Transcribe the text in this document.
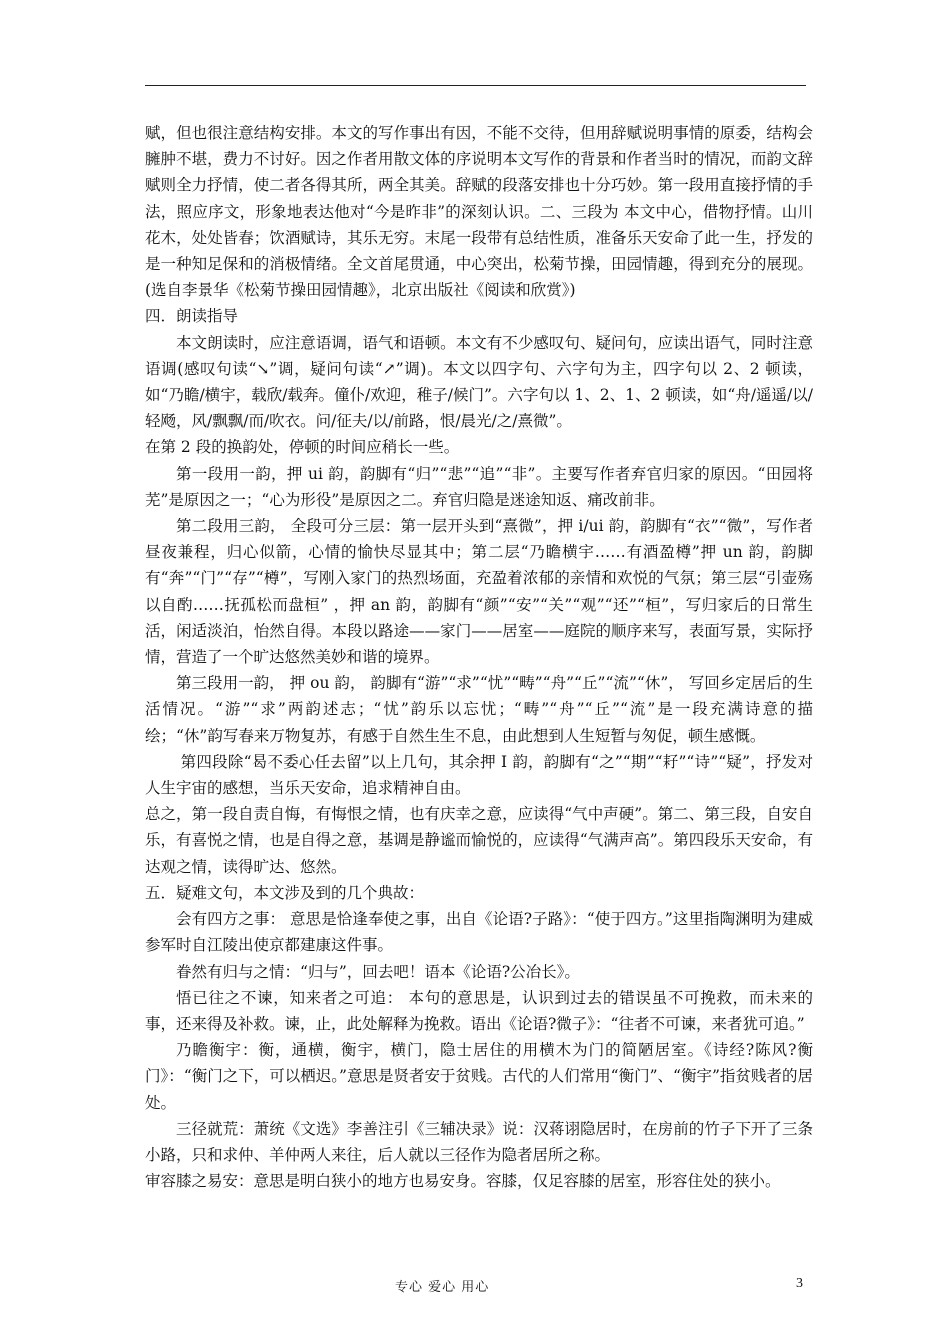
赋，但也很注意结构安排。本文的写作事出有因，不能不交待，但用辞赋说明事情的原委，结构会臃肿不堪，费力不讨好。因之作者用散文体的序说明本文写作的背景和作者当时的情况，而韵文辞赋则全力抒情，使二者各得其所，两全其美。辞赋的段落安排也十分巧妙。第一段用直接抒情的手法，照应序文，形象地表达他对“今是昨非”的深刻认识。二、三段为 本文中心，借物抒情。山川花木，处处皆春；饮酒赋诗，其乐无穷。末尾一段带有总结性质，准备乐天安命了此一生，抒发的是一种知足保和的消极情绪。全文首尾贯通，中心突出，松菊节操，田园情趣，得到充分的展现。(选自李景华《松菊节操田园情趣》，北京出版社《阅读和欣赏》)

四．朗读指导

本文朗读时，应注意语调，语气和语顿。本文有不少感叹句、疑问句，应读出语气，同时注意语调(感叹句读“↘”调，疑问句读“↗”调)。本文以四字句、六字句为主，四字句以 2、2 顿读，如“乃瞻/横宇，载欣/载奔。僮仆/欢迎，稚子/候门”。六字句以 1、2、1、2 顿读，如“舟/遥遥/以/轻飏，风/飘飘/而/吹衣。问/征夫/以/前路，恨/晨光/之/熹微”。

在第 2 段的换韵处，停顿的时间应稍长一些。

第一段用一韵，押 ui 韵，韵脚有“归”“悲”“追”“非”。主要写作者弃官归家的原因。“田园将芜”是原因之一；“心为形役”是原因之二。弃官归隐是迷途知返、痛改前非。

第二段用三韵， 全段可分三层：第一层开头到“熹微”，押 i/ui 韵，韵脚有“衣”“微”，写作者昼夜兼程，归心似箭，心情的愉快尽显其中；第二层“乃瞻横宇……有酒盈樽”押 un 韵，韵脚有“奔”“门”“存”“樽”，写刚入家门的热烈场面，充盈着浓郁的亲情和欢悦的气氛；第三层“引壶殇以自酌……抚孤松而盘桓” ，押 an 韵，韵脚有“颜”“安”“关”“观”“还”“桓”，写归家后的日常生活，闲适淡泊，怡然自得。本段以路途——家门——居室——庭院的顺序来写，表面写景，实际抒情，营造了一个旷达悠然美妙和谐的境界。

第三段用一韵， 押 ou 韵， 韵脚有“游”“求”“忧”“畴”“舟”“丘”“流”“休”， 写回乡定居后的生活情况。“游”“求”两韵述志；“忧”韵乐以忘忧；“畴”“舟”“丘”“流”是一段充满诗意的描绘；“休”韵写春来万物复苏，有感于自然生生不息，由此想到人生短暂与匆促，顿生感慨。

第四段除“曷不委心任去留”以上几句，其余押 I 韵，韵脚有“之”“期”“耔”“诗”“疑”，抒发对人生宇宙的感想，当乐天安命，追求精神自由。

总之，第一段自责自悔，有悔恨之情，也有庆幸之意，应读得“气中声硬”。第二、第三段，自安自乐，有喜悦之情，也是自得之意，基调是静谧而愉悦的，应读得“气满声高”。第四段乐天安命，有达观之情，读得旷达、悠然。

五．疑难文句，本文涉及到的几个典故：

会有四方之事： 意思是恰逢奉使之事，出自《论语?子路》：“使于四方。”这里指陶渊明为建威参军时自江陵出使京都建康这件事。

眷然有归与之情：“归与”，回去吧！语本《论语?公冶长》。

悟已往之不谏，知来者之可追： 本句的意思是，认识到过去的错误虽不可挽救，而未来的事，还来得及补救。谏，止，此处解释为挽救。语出《论语?微子》：“往者不可谏，来者犹可追。”

乃瞻衡宇：衡，通横，衡宇，横门，隐士居住的用横木为门的简陋居室。《诗经?陈风?衡门》：“衡门之下，可以栖迟。”意思是贤者安于贫贱。古代的人们常用“衡门”、“衡宇”指贫贱者的居处。

三径就荒：萧统《文选》李善注引《三辅决录》说：汉蒋诩隐居时，在房前的竹子下开了三条小路，只和求仲、羊仲两人来往，后人就以三径作为隐者居所之称。

审容膝之易安：意思是明白狭小的地方也易安身。容膝，仅足容膝的居室，形容住处的狭小。

专心 爱心 用心	3
